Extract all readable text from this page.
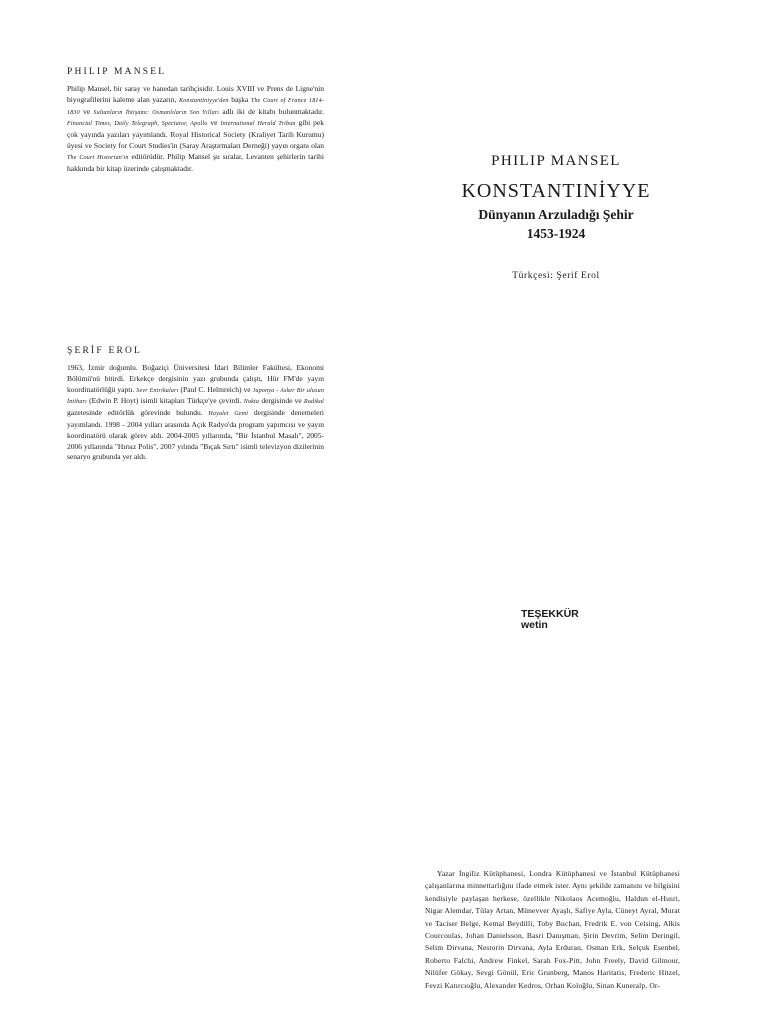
PHILIP MANSEL

Philip Mansel, bir saray ve hanedan tarihçisidir. Louis XVIII ve Prens de Ligne'nin biyografilerini kaleme alan yazarın, Konstantiniyye'den başka The Court of France 1814-1830 ve Sultanların İhtişamı: Osmanlıların Son Yılları adlı iki de kitabı bulunmaktadır. Financial Times, Daily Telegraph, Spectator, Apollo ve International Herald Tribun gibi pek çok yayında yazıları yayımlandı. Royal Historical Society (Kraliyet Tarih Kurumu) üyesi ve Society for Court Studies'in (Saray Araştırmaları Derneği) yayın organı olan The Court Historian'ın editörüdür. Philip Mansel şu sıralar, Levanten şehirlerin tarihi hakkında bir kitap üzerinde çalışmaktadır.

ŞERİF EROL

1963, İzmir doğumlu. Boğaziçi Üniversitesi İdari Bilimler Fakültesi, Ekonomi Bölümü'nü bitirdi. Erkekçe dergisinin yazı grubunda çalıştı, Hür FM'de yayın koordinatörlüğü yaptı. Sevr Entrikaları (Paul C. Helmreich) ve Japonya - Asker Bir ulusun İntiharı (Edwin P. Hoyt) isimli kitapları Türkçe'ye çevirdi. Nokta dergisinde ve Radikal gazetesinde editörlük görevinde bulundu. Hayalet Gemi dergisinde denemeleri yayımlandı. 1998 - 2004 yılları arasında Açık Radyo'da program yapımcısı ve yayın koordinatörü olarak görev aldı. 2004-2005 yıllarında, "Bir İstanbul Masalı", 2005-2006 yıllarında "Hırsız Polis", 2007 yılında "Bıçak Sırtı" isimli televizyon dizilerinin senaryo grubunda yer aldı.

PHILIP MANSEL
KONSTANTINİYYE
Dünyanın Arzuladığı Şehir
1453-1924
Türkçesi: Şerif Erol
TEŞEKKÜR
wetin

Yazar İngiliz Kütüphanesi, Londra Kütüphanesi ve İstanbul Kütüphanesi çalışanlarına minnettarlığını ifade etmek ister. Aynı şekilde zamanını ve bilgisini kendisiyle paylaşan herkese, özellikle Nikolaos Acemoğlu, Haldun el-Husri, Nigar Alemdar, Tülay Artan, Münevver Ayaşlı, Safiye Ayla, Cüneyt Ayral, Murat ve Taciser Belge, Kemal Beydilli, Toby Buchan, Fredrik E. von Celsing, Alkis Courcoulas, Johan Danielsson, Basri Danışman, Şirin Devrim, Selim Deringil, Selim Dirvana, Nestorin Dirvana, Ayla Erduran, Osman Erk, Selçuk Esenbel, Roberto Falchi, Andrew Finkel, Sarah Fox-Pitt, John Freely, David Gilmour, Nilüfer Gökay, Sevgi Gönül, Eric Grunberg, Manos Haritatis, Frederic Hitzel, Fevzi Katırcıoğlu, Alexander Kedros, Orhan Koloğlu, Sinan Kuneralp, Or-
